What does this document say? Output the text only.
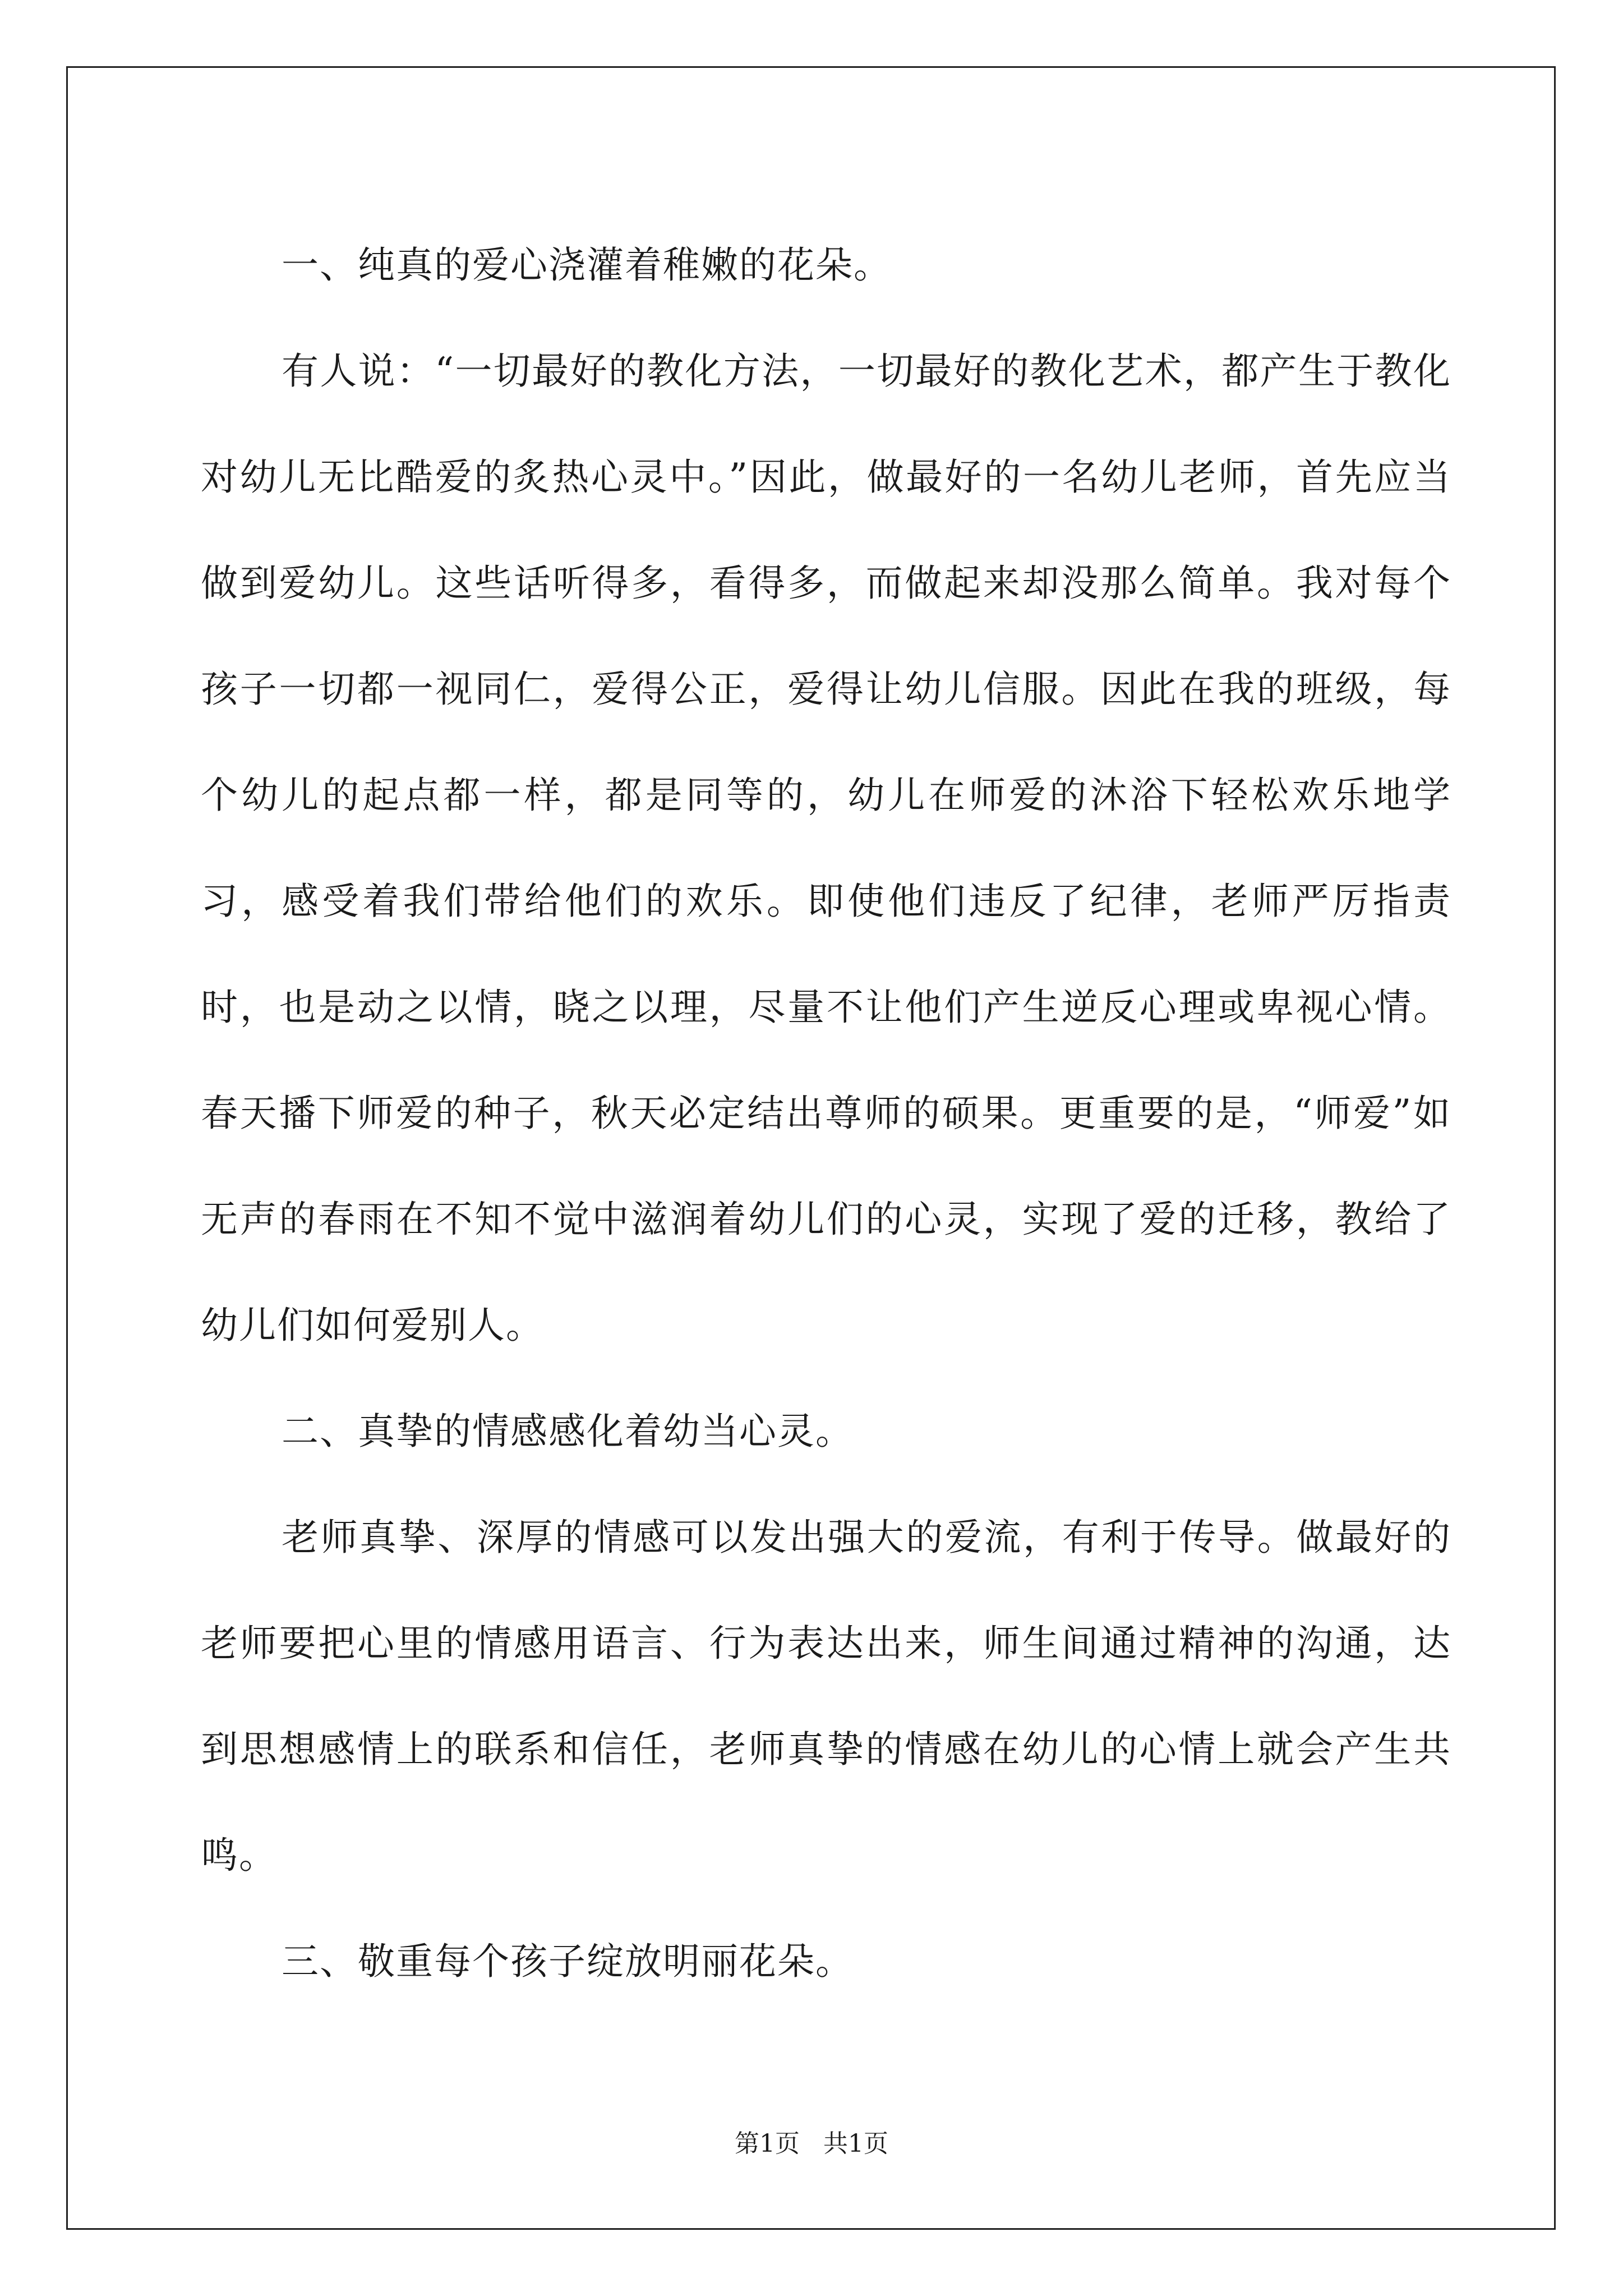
一、纯真的爱心浇灌着稚嫩的花朵。

有人说：“一切最好的教化方法，一切最好的教化艺术，都产生于教化对幼儿无比酷爱的炙热心灵中。”因此，做最好的一名幼儿老师，首先应当做到爱幼儿。这些话听得多，看得多，而做起来却没那么简单。我对每个孩子一切都一视同仁，爱得公正，爱得让幼儿信服。因此在我的班级，每个幼儿的起点都一样，都是同等的，幼儿在师爱的沐浴下轻松欢乐地学习，感受着我们带给他们的欢乐。即使他们违反了纪律，老师严厉指责时，也是动之以情，晓之以理，尽量不让他们产生逆反心理或卑视心情。春天播下师爱的种子，秋天必定结出尊师的硕果。更重要的是，“师爱”如无声的春雨在不知不觉中滋润着幼儿们的心灵，实现了爱的迁移，教给了幼儿们如何爱别人。

二、真挚的情感感化着幼当心灵。

老师真挚、深厚的情感可以发出强大的爱流，有利于传导。做最好的老师要把心里的情感用语言、行为表达出来，师生间通过精神的沟通，达到思想感情上的联系和信任，老师真挚的情感在幼儿的心情上就会产生共鸣。

三、敬重每个孩子绽放明丽花朵。

第1页 共1页
